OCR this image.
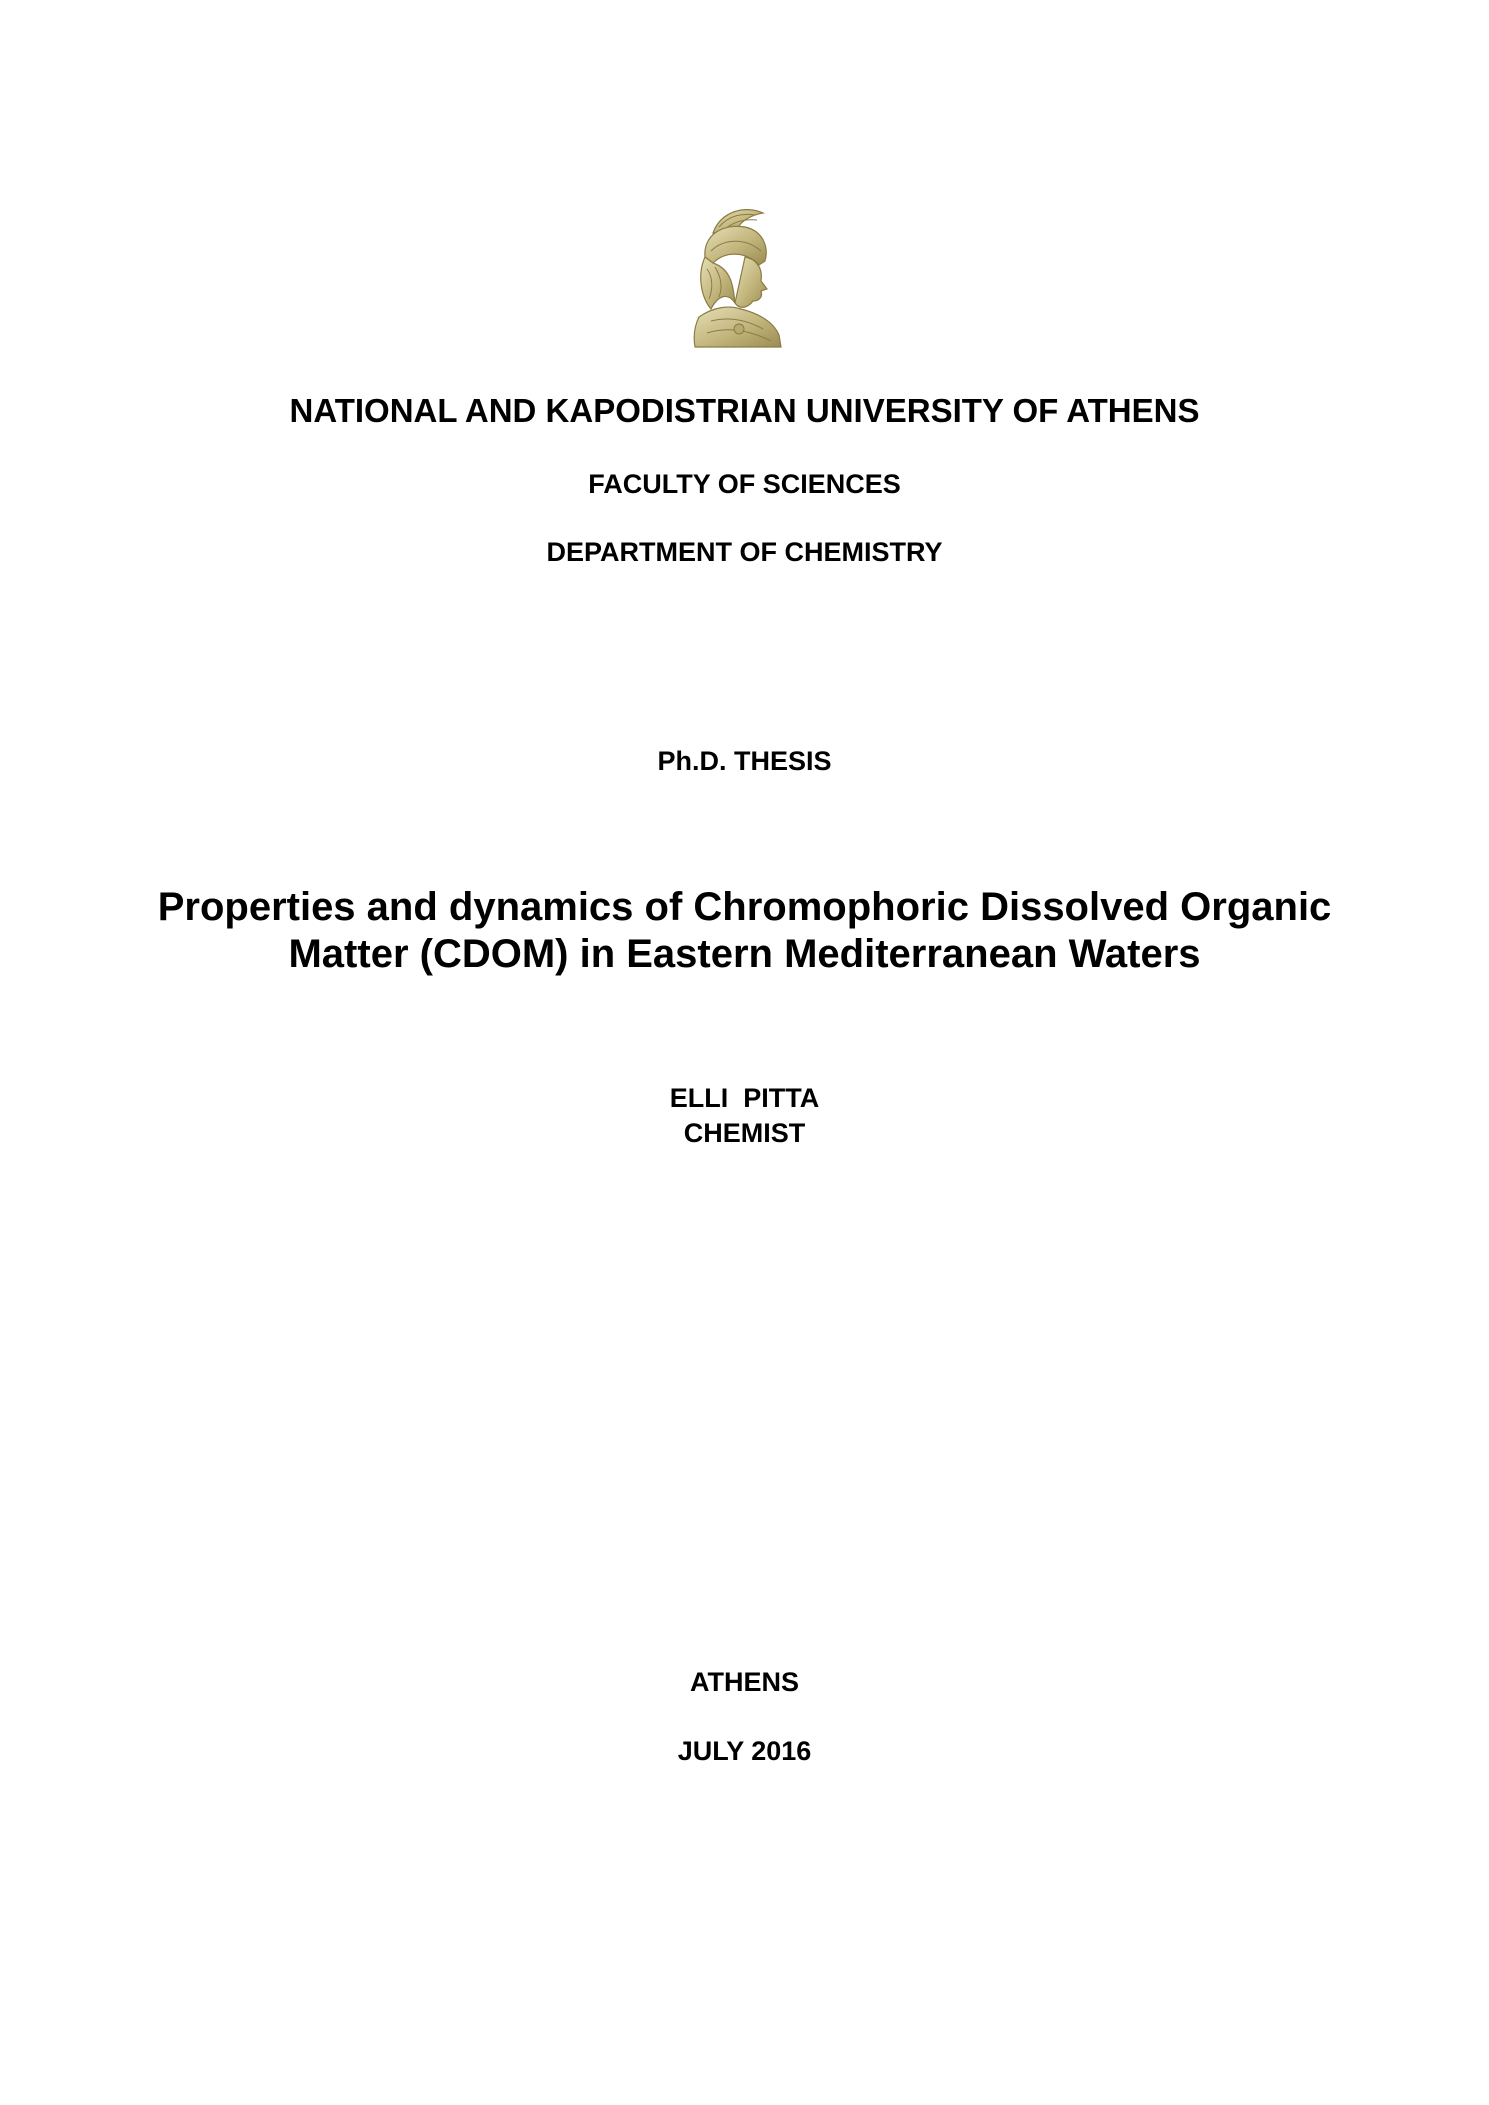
NATIONAL AND KAPODISTRIAN UNIVERSITY OF ATHENS
FACULTY OF SCIENCES
DEPARTMENT OF CHEMISTRY
Ph.D. THESIS
Properties and dynamics of Chromophoric Dissolved Organic
Matter (CDOM) in Eastern Mediterranean Waters
ELLI  PITTA
CHEMIST
ATHENS
JULY 2016
